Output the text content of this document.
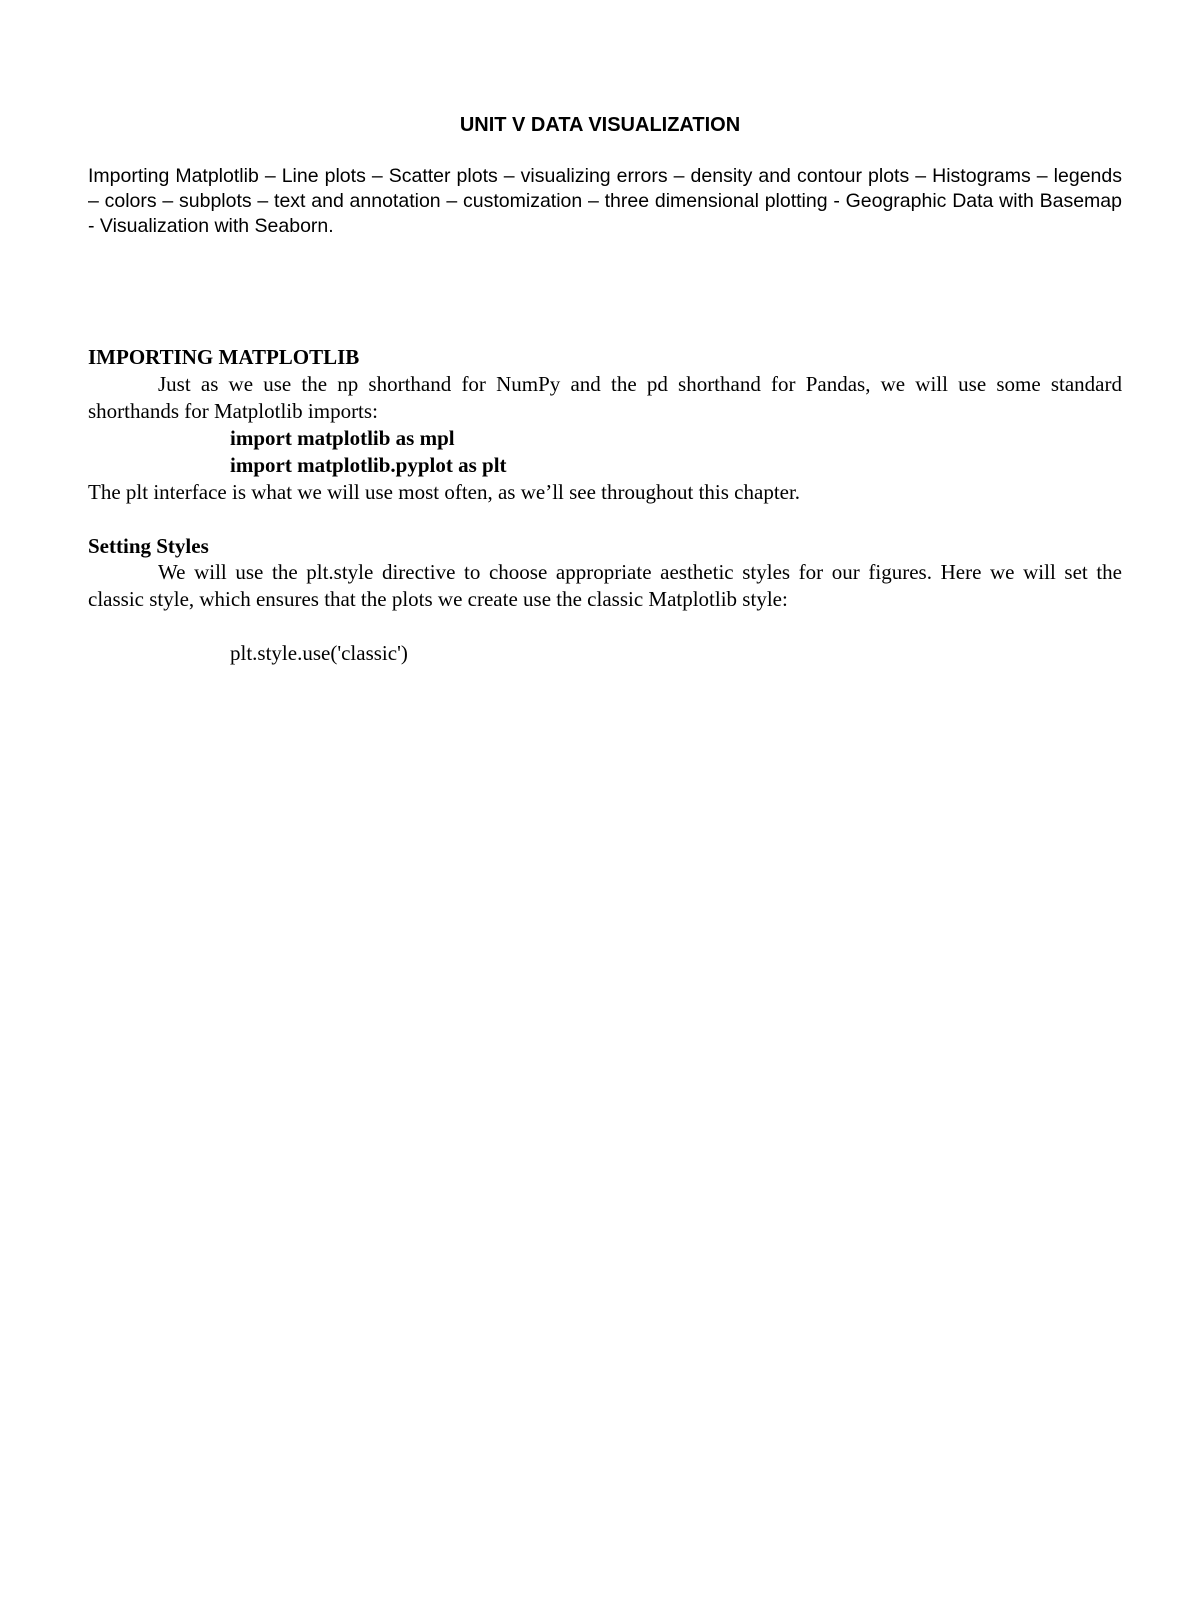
UNIT V DATA VISUALIZATION

Importing Matplotlib – Line plots – Scatter plots – visualizing errors – density and contour plots – Histograms – legends – colors – subplots – text and annotation – customization – three dimensional plotting - Geographic Data with Basemap - Visualization with Seaborn.

IMPORTING MATPLOTLIB

Just as we use the np shorthand for NumPy and the pd shorthand for Pandas, we will use some standard shorthands for Matplotlib imports:

import matplotlib as mpl

import matplotlib.pyplot as plt

The plt interface is what we will use most often, as we’ll see throughout this chapter.

Setting Styles

We will use the plt.style directive to choose appropriate aesthetic styles for our figures. Here we will set the classic style, which ensures that the plots we create use the classic Matplotlib style:

plt.style.use('classic')
